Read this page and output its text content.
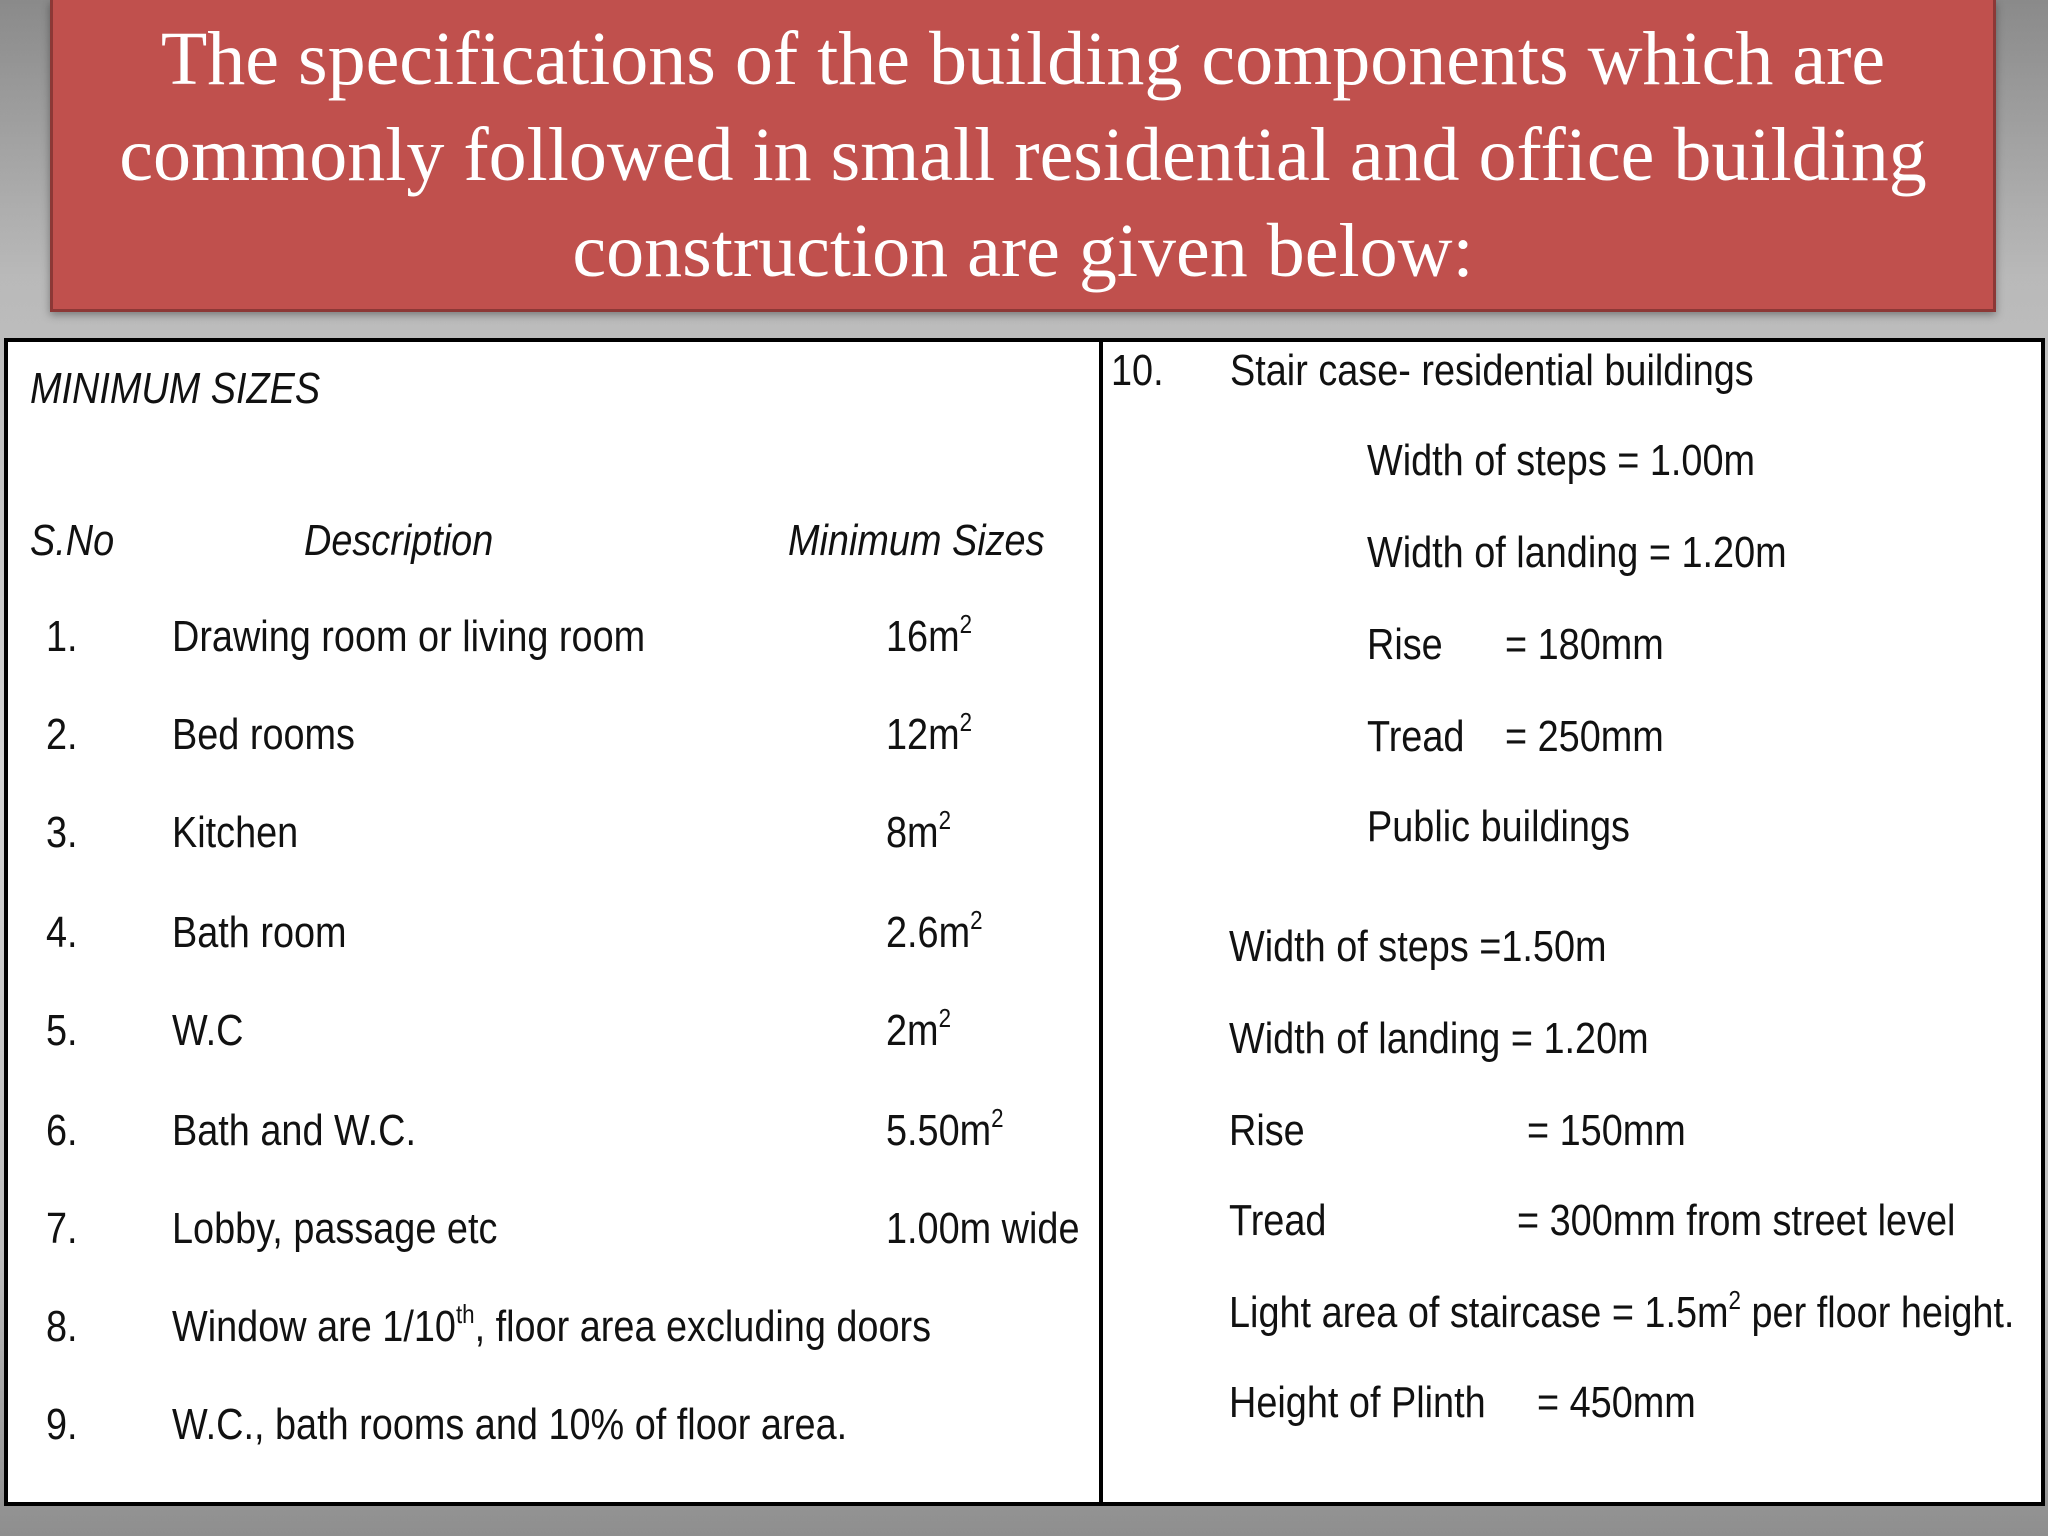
The specifications of the building components which are
commonly followed in small residential and office building
construction are given below:

MINIMUM SIZES
S.No	Description	Minimum Sizes
1. Drawing room or living room	$16m^2$
2. Bed rooms	$12m^2$
3. Kitchen	$8m^2$
4. Bath room	$2.6m^2$
5. W.C	$2m^2$
6. Bath and W.C.	$5.50m^2$
7. Lobby, passage etc	1.00m wide
8. Window are 1/10th, floor area excluding doors
9. W.C., bath rooms and 10% of floor area.
10. Stair case- residential buildings
Width of steps = 1.00m
Width of landing = 1.20m
Rise = 180mm
Tread = 250mm
Public buildings
Width of steps =1.50m
Width of landing = 1.20m
Rise	= 150mm
Tread	= 300mm from street level
Light area of staircase = $1.5m^2$ per floor height.
Height of Plinth	= 450mm
